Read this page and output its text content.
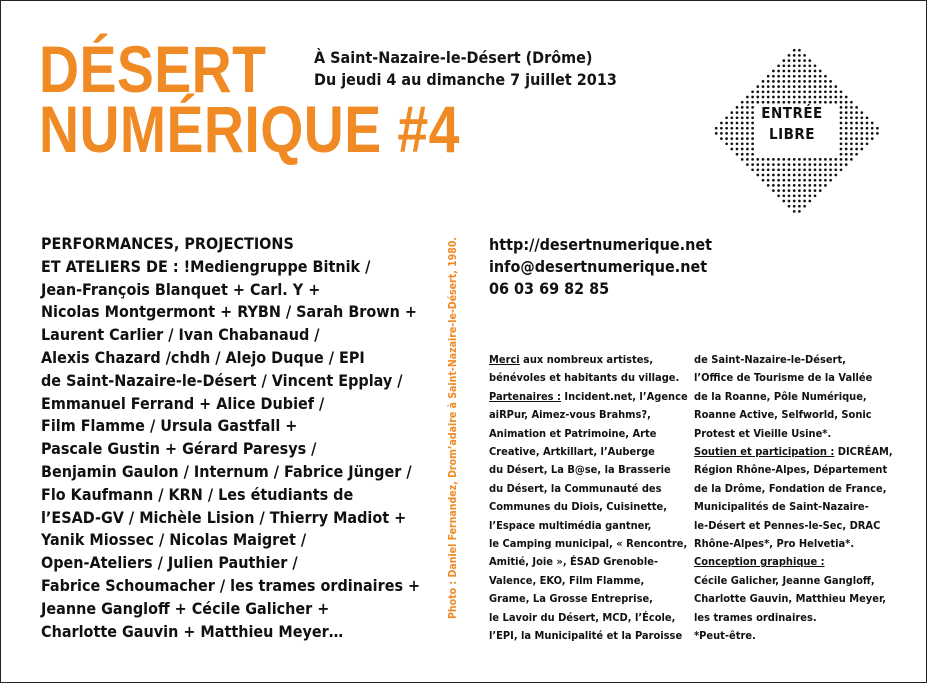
DÉSERT
NUMÉRIQUE #4
À Saint-Nazaire-le-Désert (Drôme)
Du jeudi 4 au dimanche 7 juillet 2013
ENTRÉE
LIBRE
PERFORMANCES, PROJECTIONS
ET ATELIERS DE : !Mediengruppe Bitnik /
Jean-François Blanquet + Carl. Y +
Nicolas Montgermont + RYBN / Sarah Brown +
Laurent Carlier / Ivan Chabanaud /
Alexis Chazard /chdh / Alejo Duque / EPI
de Saint-Nazaire-le-Désert / Vincent Epplay /
Emmanuel Ferrand + Alice Dubief /
Film Flamme / Ursula Gastfall +
Pascale Gustin + Gérard Paresys /
Benjamin Gaulon / Internum / Fabrice Jünger /
Flo Kaufmann / KRN / Les étudiants de
l’ESAD-GV / Michèle Lision / Thierry Madiot +
Yanik Miossec / Nicolas Maigret /
Open-Ateliers / Julien Pauthier /
Fabrice Schoumacher / les trames ordinaires +
Jeanne Gangloff + Cécile Galicher +
Charlotte Gauvin + Matthieu Meyer…
Photo : Daniel Fernandez, Drom’adaire à Saint-Nazaire-le-Désert, 1980. http://desertnumerique.net
info@desertnumerique.net
06 03 69 82 85
Merci aux nombreux artistes,
bénévoles et habitants du village.
Partenaires : Incident.net, l’Agence
aiRPur, Aimez-vous Brahms?,
Animation et Patrimoine, Arte
Creative, Artkillart, l’Auberge
du Désert, La B@se, la Brasserie
du Désert, la Communauté des
Communes du Diois, Cuisinette,
l’Espace multimédia gantner,
le Camping municipal, « Rencontre,
Amitié, Joie », ÉSAD Grenoble-
Valence, EKO, Film Flamme,
Grame, La Grosse Entreprise,
le Lavoir du Désert, MCD, l’École,
l’EPI, la Municipalité et la Paroisse
de Saint-Nazaire-le-Désert,
l’Office de Tourisme de la Vallée
de la Roanne, Pôle Numérique,
Roanne Active, Selfworld, Sonic
Protest et Vieille Usine*.
Soutien et participation : DICRÉAM,
Région Rhône-Alpes, Département
de la Drôme, Fondation de France,
Municipalités de Saint-Nazaire-
le-Désert et Pennes-le-Sec, DRAC
Rhône-Alpes*, Pro Helvetia*.
Conception graphique :
Cécile Galicher, Jeanne Gangloff,
Charlotte Gauvin, Matthieu Meyer,
les trames ordinaires.
*Peut-être.
